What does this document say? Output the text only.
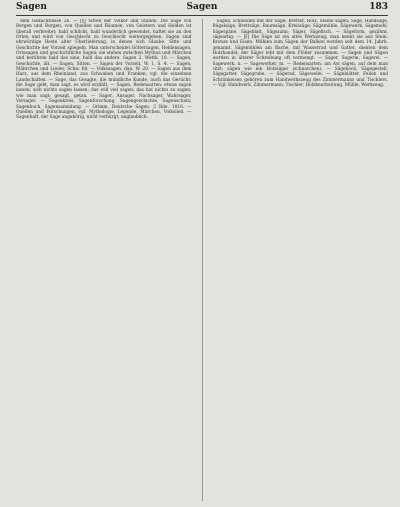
Sagen	Sagen	183

dem Gedächtnisse 26. — [§] Sitten der Völker und Stände. Die Sage von Bergen und Burgen, von Quellen und Bäumen, von Geistern und Helden ist überall verbreitet; bald schlicht, bald wunderlich gewendet, haftet sie an den Orten und wird von Geschlecht zu Geschlecht weitergegeben. Sagen sind ehrwürdige Reste alter Überlieferung, in denen sich Glaube, Sitte und Geschichte der Vorzeit spiegeln. Man unterscheidet Göttersagen, Heldensagen, Ortssagen und geschichtliche Sagen; sie stehen zwischen Mythus und Märchen und berühren bald das eine, bald das andere. Sagen 2. Wettk. 10. — Sagen, Geschichte, ält. — Sagen, Sitten. — Sagen der Vorzeit, W. 1, S. 4. — Sagen, Mährchen und Lieder, Schw. 68. — Volkssagen, dan. W. 20. — Sagen aus dem Harz, aus dem Rheinland, aus Schwaben und Franken, vgl. die einzelnen Landschaften. — Sage, das Gesagte, die mündliche Kunde, auch das Gerücht; die Sage geht, man sagt, es wird erzählt. — Sagen, Redensarten: etwas sagen lassen, sich nichts sagen lassen; das will viel sagen; das hat nichts zu sagen; wie man sagt; gesagt, getan. — Sager, Ansager, Nachsager, Wahrsager, Vorsager. — Sagenkreis, Sagenforschung, Sagengeschichte, Sagenschatz; Sagenbuch, Sagensammlung. — Grimm, Deutsche Sagen, 2 Bde. 1816. — Quellen und Forschungen, vgl. Mythologie, Legende, Märchen, Volkslied. — Sagenhaft, der Sage angehörig, nicht verbürgt, unglaublich.

Sägen, schneiden mit der Säge; Bretter, Holz, Steine sägen; Säge, Handsäge, Bügelsäge, Brettsäge, Baumsäge, Kreissäge; Sägemühle, Sägewerk, Sägemehl, Sägespäne, Sägeblatt, Sägezahn; Säger, Sägefisch. — Sägeform, gezähnt, sägeartig. — [§] Die Säge ist ein altes Werkzeug; man kennt sie aus Stein, Bronze und Eisen. Mühlen zum Sägen der Balken werden seit dem 14. Jahrh. genannt. Sägemühlen am Bache, mit Wasserrad und Gatter, dienten dem Holzhandel; der Säger lebt mit dem Flößer zusammen. — Sagen und Sägen werden in älterer Schreibung oft vermengt. — Sager, Sagerin, Sagerei. — Sagewerk, n. — Sagewerker, m. — Redensarten: am Ast sägen, auf dem man sitzt; sägen wie ein Holzsäger (schnarchen). — Sägebock, Sägegestell, Sägegatter, Sägegrube. — Sägerad, Sägewelle. — Sägeblätter, Feilen und Schränkeisen gehören zum Handwerkszeug des Zimmermanns und Tischlers. — Vgl. Handwerk, Zimmermann, Tischler, Holzbearbeitung, Mühle, Werkzeug.
